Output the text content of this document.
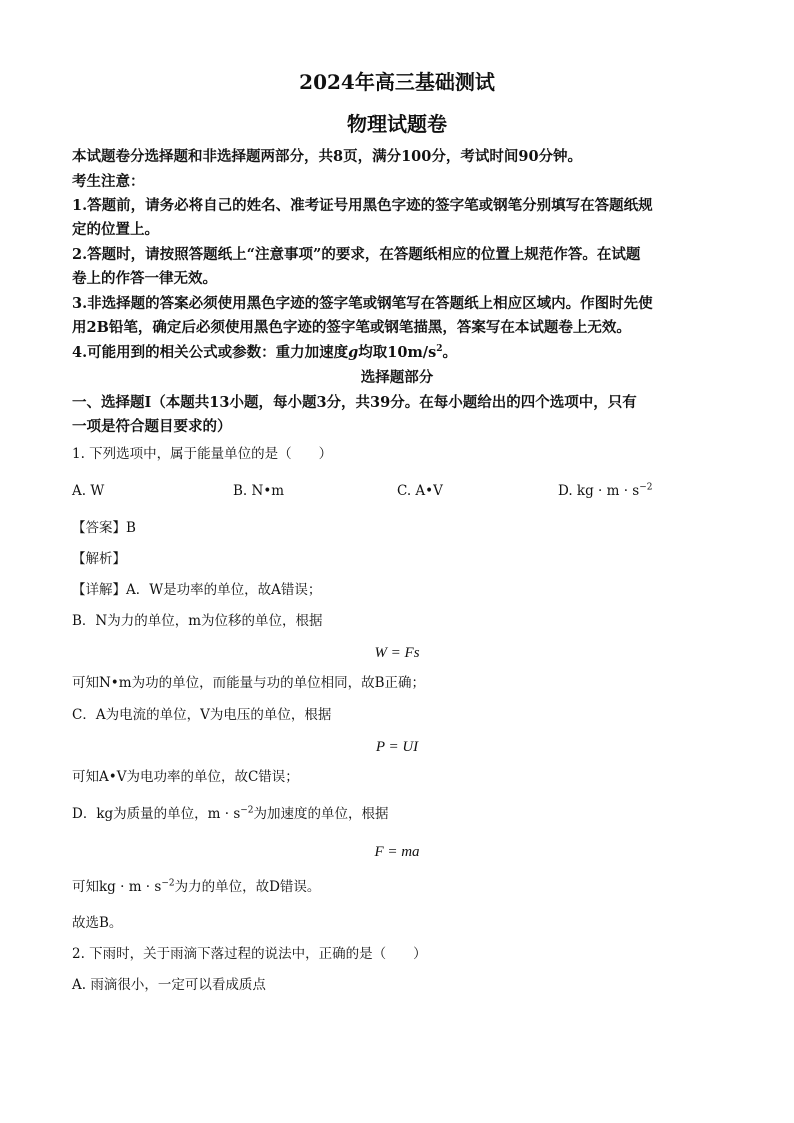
2024年高三基础测试
物理试题卷
本试题卷分选择题和非选择题两部分，共8页，满分100分，考试时间90分钟。
考生注意：
1.答题前，请务必将自己的姓名、准考证号用黑色字迹的签字笔或钢笔分别填写在答题纸规
定的位置上。
2.答题时，请按照答题纸上“注意事项”的要求，在答题纸相应的位置上规范作答。在试题
卷上的作答一律无效。
3.非选择题的答案必须使用黑色字迹的签字笔或钢笔写在答题纸上相应区域内。作图时先使
用2B铅笔，确定后必须使用黑色字迹的签字笔或钢笔描黑，答案写在本试题卷上无效。
4.可能用到的相关公式或参数：重力加速度g均取$10m/s^2$。
选择题部分
一、选择题Ⅰ（本题共13小题，每小题3分，共39分。在每小题给出的四个选项中，只有
一项是符合题目要求的）
1. 下列选项中，属于能量单位的是（　　）
A. W	B. N•m	C. A•V	D. kg · $m \cdot s^{-2}$
【答案】B
【解析】
【详解】A．W是功率的单位，故A错误；
B．N为力的单位，m为位移的单位，根据
W = Fs
可知N•m为功的单位，而能量与功的单位相同，故B正确；
C．A为电流的单位，V为电压的单位，根据
P = UI
可知A•V为电功率的单位，故C错误；
D．kg为质量的单位，$m \cdot s^{-2}$为加速度的单位，根据
F = ma
可知kg · $m \cdot s^{-2}$为力的单位，故D错误。
故选B。
2. 下雨时，关于雨滴下落过程的说法中，正确的是（　　）
A. 雨滴很小，一定可以看成质点
